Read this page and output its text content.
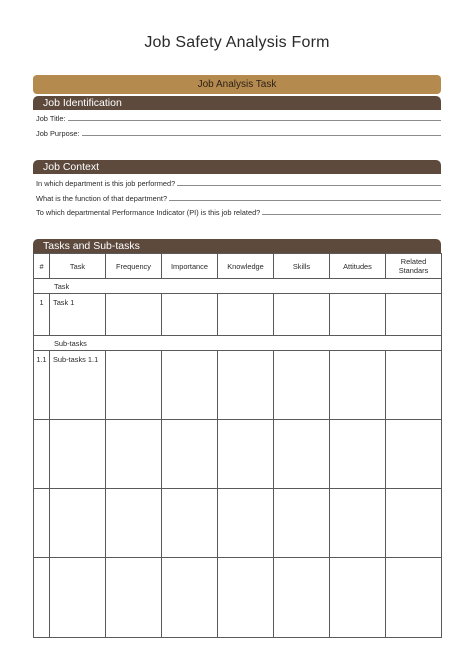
Job Safety Analysis Form
Job Analysis Task
Job Identification
Job Title:
Job Purpose:
Job Context
In which department is this job performed?
What is the function of that department?
To which departmental Performance Indicator (PI) is this job related?
Tasks and Sub-tasks
#	Task	Frequency	Importance	Knowledge	Skills	Attitudes	Related Standars
Task							
1	Task 1						
Sub-tasks							
1.1	Sub-tasks 1.1						
